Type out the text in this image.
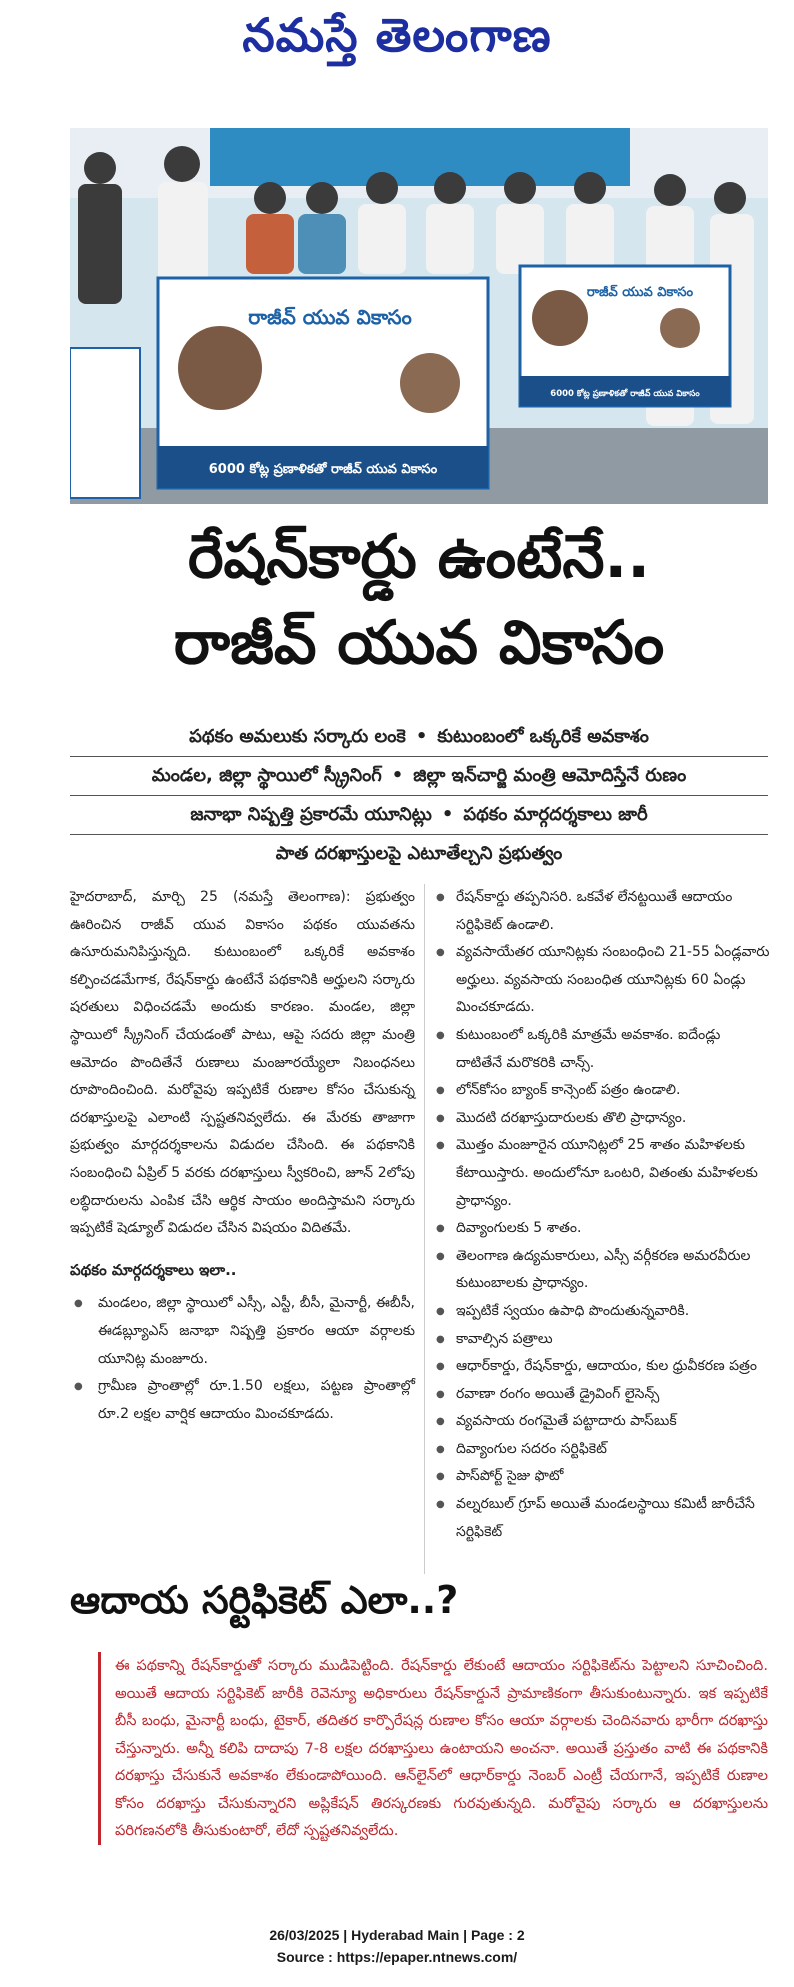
నమస్తే తెలంగాణ
రాజీవ్ యువ వికాసం
6000 కోట్ల ప్రణాళికతో రాజీవ్ యువ వికాసం
రాజీవ్ యువ వికాసం
6000 కోట్ల ప్రణాళికతో రాజీవ్ యువ వికాసం
రేషన్‌కార్డు ఉంటేనే..
రాజీవ్ యువ వికాసం
పథకం అమలుకు సర్కారు లంకె • కుటుంబంలో ఒక్కరికే అవకాశం
మండల, జిల్లా స్థాయిలో స్క్రీనింగ్ • జిల్లా ఇన్‌చార్జి మంత్రి ఆమోదిస్తేనే రుణం
జనాభా నిష్పత్తి ప్రకారమే యూనిట్లు • పథకం మార్గదర్శకాలు జారీ
పాత దరఖాస్తులపై ఎటూతేల్చని ప్రభుత్వం

హైదరాబాద్, మార్చి 25 (నమస్తే తెలంగాణ): ప్రభుత్వం ఊరించిన రాజీవ్ యువ వికాసం పథకం యువతను ఉసూరుమనిపిస్తున్నది. కుటుంబంలో ఒక్కరికే అవకాశం కల్పించడమేగాక, రేషన్‌కార్డు ఉంటేనే పథకానికి అర్హులని సర్కారు షరతులు విధించడమే అందుకు కారణం. మండల, జిల్లా స్థాయిలో స్క్రీనింగ్ చేయడంతో పాటు, ఆపై సదరు జిల్లా మంత్రి ఆమోదం పొందితేనే రుణాలు మంజూరయ్యేలా నిబంధనలు రూపొందించింది. మరోవైపు ఇప్పటికే రుణాల కోసం చేసుకున్న దరఖాస్తులపై ఎలాంటి స్పష్టతనివ్వలేదు. ఈ మేరకు తాజాగా ప్రభుత్వం మార్గదర్శకాలను విడుదల చేసింది. ఈ పథకానికి సంబంధించి ఏప్రిల్ 5 వరకు దరఖాస్తులు స్వీకరించి, జూన్ 2లోపు లబ్ధిదారులను ఎంపిక చేసి ఆర్థిక సాయం అందిస్తామని సర్కారు ఇప్పటికే షెడ్యూల్ విడుదల చేసిన విషయం విదితమే.

పథకం మార్గదర్శకాలు ఇలా..

● మండలం, జిల్లా స్థాయిలో ఎస్సీ, ఎస్టీ, బీసీ, మైనార్టీ, ఈబీసీ, ఈడబ్ల్యూఎస్ జనాభా నిష్పత్తి ప్రకారం ఆయా వర్గాలకు యూనిట్ల మంజూరు.
● గ్రామీణ ప్రాంతాల్లో రూ.1.50 లక్షలు, పట్టణ ప్రాంతాల్లో రూ.2 లక్షల వార్షిక ఆదాయం మించకూడదు.
● రేషన్‌కార్డు తప్పనిసరి. ఒకవేళ లేనట్టయితే ఆదాయం సర్టిఫికెట్ ఉండాలి.
● వ్యవసాయేతర యూనిట్లకు సంబంధించి 21-55 ఏండ్లవారు అర్హులు. వ్యవసాయ సంబంధిత యూనిట్లకు 60 ఏండ్లు మించకూడదు.
● కుటుంబంలో ఒక్కరికి మాత్రమే అవకాశం. ఐదేండ్లు దాటితేనే మరొకరికి చాన్స్.
● లోన్‌కోసం బ్యాంక్ కాన్సెంట్ పత్రం ఉండాలి.
● మొదటి దరఖాస్తుదారులకు తొలి ప్రాధాన్యం.
● మొత్తం మంజూరైన యూనిట్లలో 25 శాతం మహిళలకు కేటాయిస్తారు. అందులోనూ ఒంటరి, వితంతు మహిళలకు ప్రాధాన్యం.
● దివ్యాంగులకు 5 శాతం.
● తెలంగాణ ఉద్యమకారులు, ఎస్సీ వర్గీకరణ అమరవీరుల కుటుంబాలకు ప్రాధాన్యం.
● ఇప్పటికే స్వయం ఉపాధి పొందుతున్నవారికి.
● కావాల్సిన పత్రాలు
● ఆధార్‌కార్డు, రేషన్‌కార్డు, ఆదాయం, కుల ధ్రువీకరణ పత్రం
● రవాణా రంగం అయితే డ్రైవింగ్ లైసెన్స్
● వ్యవసాయ రంగమైతే పట్టాదారు పాస్‌బుక్
● దివ్యాంగుల సదరం సర్టిఫికెట్
● పాస్‌పోర్ట్ సైజు ఫొటో
● వల్నరబుల్ గ్రూప్ అయితే మండలస్థాయి కమిటీ జారీచేసే సర్టిఫికెట్
ఆదాయ సర్టిఫికెట్ ఎలా..?
ఈ పథకాన్ని రేషన్‌కార్డుతో సర్కారు ముడిపెట్టింది. రేషన్‌కార్డు లేకుంటే ఆదాయం సర్టిఫికెట్‌ను పెట్టాలని సూచించింది. అయితే ఆదాయ సర్టిఫికెట్ జారీకి రెవెన్యూ అధికారులు రేషన్‌కార్డునే ప్రామాణికంగా తీసుకుంటున్నారు. ఇక ఇప్పటికే బీసీ బంధు, మైనార్టీ బంధు, టైకార్, తదితర కార్పొరేషన్ల రుణాల కోసం ఆయా వర్గాలకు చెందినవారు భారీగా దరఖాస్తు చేస్తున్నారు. అన్నీ కలిపి దాదాపు 7-8 లక్షల దరఖాస్తులు ఉంటాయని అంచనా. అయితే ప్రస్తుతం వాటి ఈ పథకానికి దరఖాస్తు చేసుకునే అవకాశం లేకుండాపోయింది. ఆన్‌లైన్‌లో ఆధార్‌కార్డు నెంబర్ ఎంట్రీ చేయగానే, ఇప్పటికే రుణాల కోసం దరఖాస్తు చేసుకున్నారని అప్లికేషన్ తిరస్కరణకు గురవుతున్నది. మరోవైపు సర్కారు ఆ దరఖాస్తులను పరిగణనలోకి తీసుకుంటారో, లేదో స్పష్టతనివ్వలేదు.
26/03/2025 | Hyderabad Main | Page : 2
Source : https://epaper.ntnews.com/
